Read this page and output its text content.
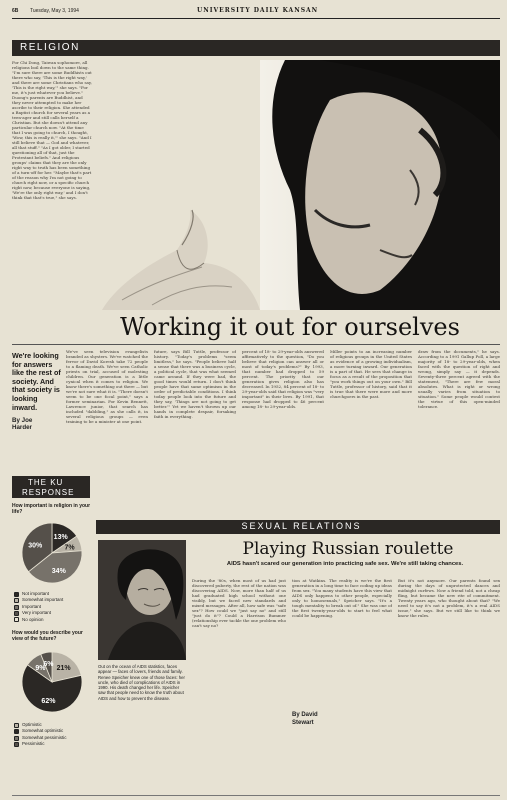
6B Tuesday, May 3, 1994	UNIVERSITY DAILY KANSAN
RELIGION
For Chi Dong, Taiwan sophomore, all religions boil down to the same thing. "I'm sure there are some Buddhists out there who say, 'This is the right way,' and there are some Christians who say, 'This is the right way,'" she says. "For me, it's just whatever you believe." Duong's parents are Buddhist, and they never attempted to make her ascribe to their religion. She attended a Baptist church for several years as a teen-ager and still calls herself a Christian. But she doesn't attend any particular church now. "At the time that I was going to church, I thought, 'Wow, this is really it,'" she says. "And I still believe that — God and whatever, all that stuff." "As I got older, I started questioning all of that, just the Protestant beliefs." And religious groups' claims that they are the only right way to truth has been something of a turn-off for her. "Maybe that's part of the reason why I'm not going to church right now, or a specific church right now, because everyone is saying, 'We're the only right way,' and I don't think that that's true," she says.
Working it out for ourselves
We're looking for answers like the rest of society. And that society is looking inward.
By Joe
Harder
We've seen television evangelists branded as shysters. We've watched the fervor of David Koresh take 72 people to a flaming death. We've seen Catholic priests on trial, accused of molesting children. Our generation is a little cynical when it comes to religion. We know there's something out there — but we're not sure what it is. "There doesn't seem to be one focal point," says a former seminarian. For Kevin Bennett, Lawrence junior, that search has included "dabbling," as she calls it, in several religious groups — even training to be a minister at one point.
future, says Bill Tuttle, professor of history. "Today's problems "seem limitless," he says. "People believe half a sense that there was a business cycle, a political cycle, that was what seemed came around. If they were bad, the good times would return. I don't think people have that same optimism in the order of predictable conditions. I think today people look into the future and they say, 'Things are not going to get better.'" Yet we haven't thrown up our hands in complete despair, forsaking faith in everything.
percent of 18- to 29-year-olds answered affirmatively to the question, "Do you believe that religion can answer all or most of today's problems?" By 1993, that number had dropped to 59 percent. The priority that our generation gives religion also has decreased. In 1952, 84 percent of 18- to 29-year-olds said that religion was "very important" in their lives. By 1991, that response had dropped to 46 percent among 18- to 29-year-olds.
Miller points to an increasing number of religious groups in the United States as evidence of a growing individualism, a more turning inward. Our generation is a part of that. He sees that change in focus as a result of the proposition that "you work things out on your own." Bill Tuttle, professor of history, said that it is true that there were more and more churchgoers in the past.
draw from the documents," he says. According to a 1991 Gallup Poll, a large majority of 18- to 29-year-olds, when faced with the question of right and wrong, simply say — it depends. Seventy-three percent agreed with the statement, "There are few moral absolutes. What is right or wrong usually varies from situation to situation." Some people would contest the virtue of this open-minded tolerance.
THE KU
RESPONSE
How important is religion in your life?
13%
7%
34%
30%
Not important
Somewhat important
Important
Very important
No opinion
How would you describe your view of the future?
21%
62%
9%
6%
Optimistic
Somewhat optimistic
Somewhat pessimistic
Pessimistic
SEXUAL RELATIONS
Playing Russian roulette
AIDS hasn't scared our generation into practicing safe sex. We're still taking chances.
Out on the ocean of AIDS statistics, faces appear — faces of lovers, friends and family. Renee Speicher knew one of those faces: her uncle, who died of complications of AIDS in 1990. His death changed her life. Speicher saw that people need to know the truth about AIDS and how to prevent the disease.
During the '80s, when most of us had just discovered puberty, the rest of the nation was discovering AIDS. Now, more than half of us had graduated high school without one visibly, but we faced new standards and mixed messages. After all, how safe was "safe sex"? How could we "just say no" and still "just do it"? Could a Harrison Bummer (relationship ever tackle the one problem who can't say no?
tion at Watkins. The reality is we're the first generation in a long time to face coding up ideas from sex. "You many students have this view that AIDS only happens to other people, especially only to homosexuals," Speicher says. "It's a tough mentality to break out of." She was one of the first twenty-year-olds to start to feel what could be happening.
By David
Stewart
But it's not anymore. Our parents found sex during the days of unprotected dances and midnight curfews. Now a friend told, not a cheap fling, but became the new rite of commitment. Twenty years ago, who thought about that? "We need to say it's not a problem, it's a real AIDS issue," she says. But we still like to think we know the rules.
